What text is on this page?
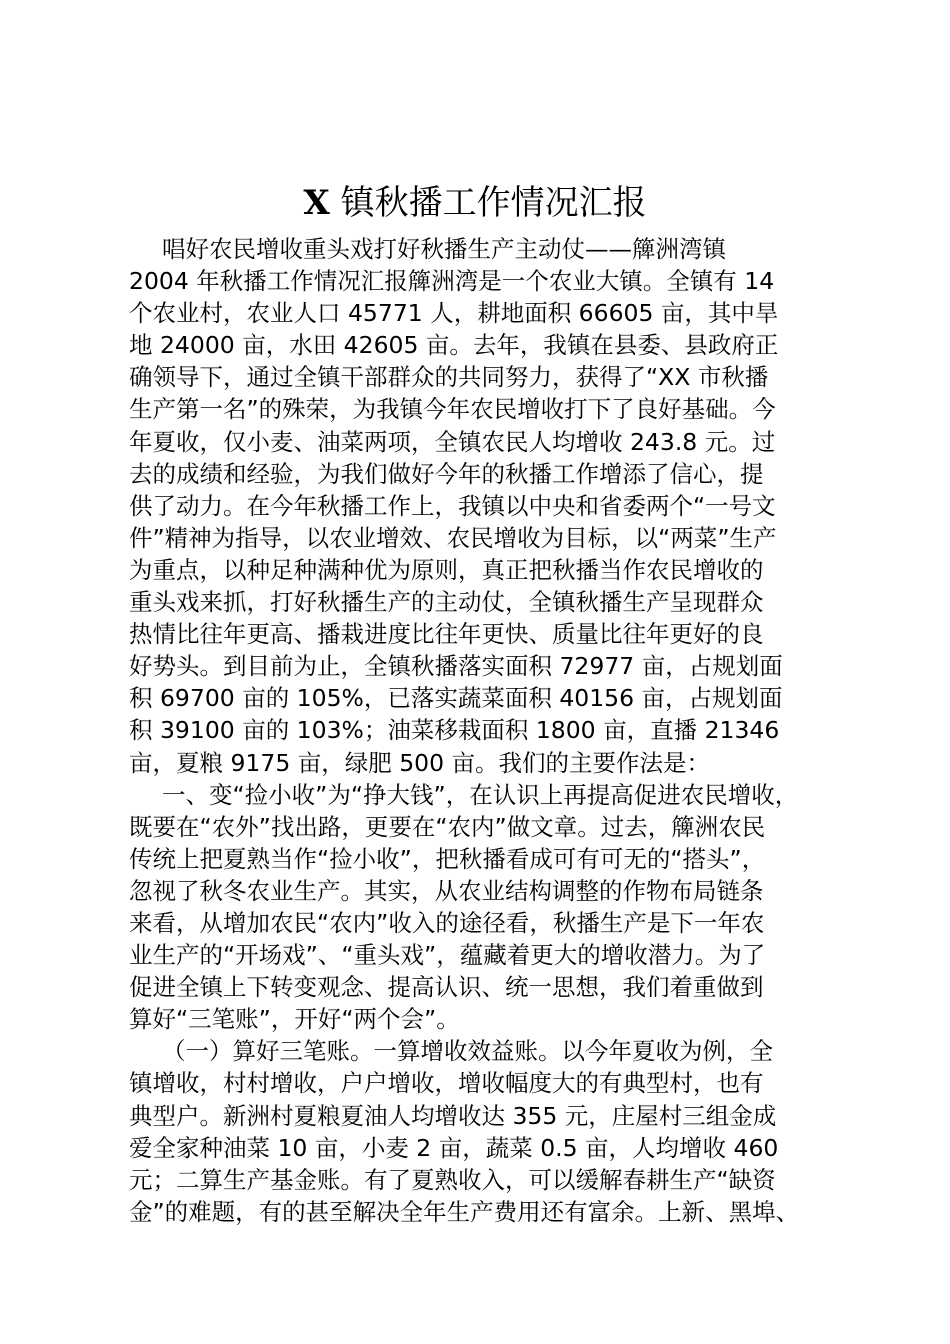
X 镇秋播工作情况汇报
唱好农民增收重头戏打好秋播生产主动仗——簰洲湾镇
2004 年秋播工作情况汇报簰洲湾是一个农业大镇。全镇有 14
个农业村，农业人口 45771 人，耕地面积 66605 亩，其中旱
地 24000 亩，水田 42605 亩。去年，我镇在县委、县政府正
确领导下，通过全镇干部群众的共同努力，获得了“XX 市秋播
生产第一名”的殊荣，为我镇今年农民增收打下了良好基础。今
年夏收，仅小麦、油菜两项，全镇农民人均增收 243.8 元。过
去的成绩和经验，为我们做好今年的秋播工作增添了信心，提
供了动力。在今年秋播工作上，我镇以中央和省委两个“一号文
件”精神为指导，以农业增效、农民增收为目标，以“两菜”生产
为重点，以种足种满种优为原则，真正把秋播当作农民增收的
重头戏来抓，打好秋播生产的主动仗，全镇秋播生产呈现群众
热情比往年更高、播栽进度比往年更快、质量比往年更好的良
好势头。到目前为止，全镇秋播落实面积 72977 亩，占规划面
积 69700 亩的 105%，已落实蔬菜面积 40156 亩，占规划面
积 39100 亩的 103%；油菜移栽面积 1800 亩，直播 21346
亩，夏粮 9175 亩，绿肥 500 亩。我们的主要作法是：
一、变“捡小收”为“挣大钱”，在认识上再提高促进农民增收，
既要在“农外”找出路，更要在“农内”做文章。过去，簰洲农民
传统上把夏熟当作“捡小收”，把秋播看成可有可无的“搭头”，
忽视了秋冬农业生产。其实，从农业结构调整的作物布局链条
来看，从增加农民“农内”收入的途径看，秋播生产是下一年农
业生产的“开场戏”、“重头戏”，蕴藏着更大的增收潜力。为了
促进全镇上下转变观念、提高认识、统一思想，我们着重做到
算好“三笔账”，开好“两个会”。
（一）算好三笔账。一算增收效益账。以今年夏收为例，全
镇增收，村村增收，户户增收，增收幅度大的有典型村，也有
典型户。新洲村夏粮夏油人均增收达 355 元，庄屋村三组金成
爱全家种油菜 10 亩，小麦 2 亩，蔬菜 0.5 亩，人均增收 460
元；二算生产基金账。有了夏熟收入，可以缓解春耕生产“缺资
金”的难题，有的甚至解决全年生产费用还有富余。上新、黑埠、
